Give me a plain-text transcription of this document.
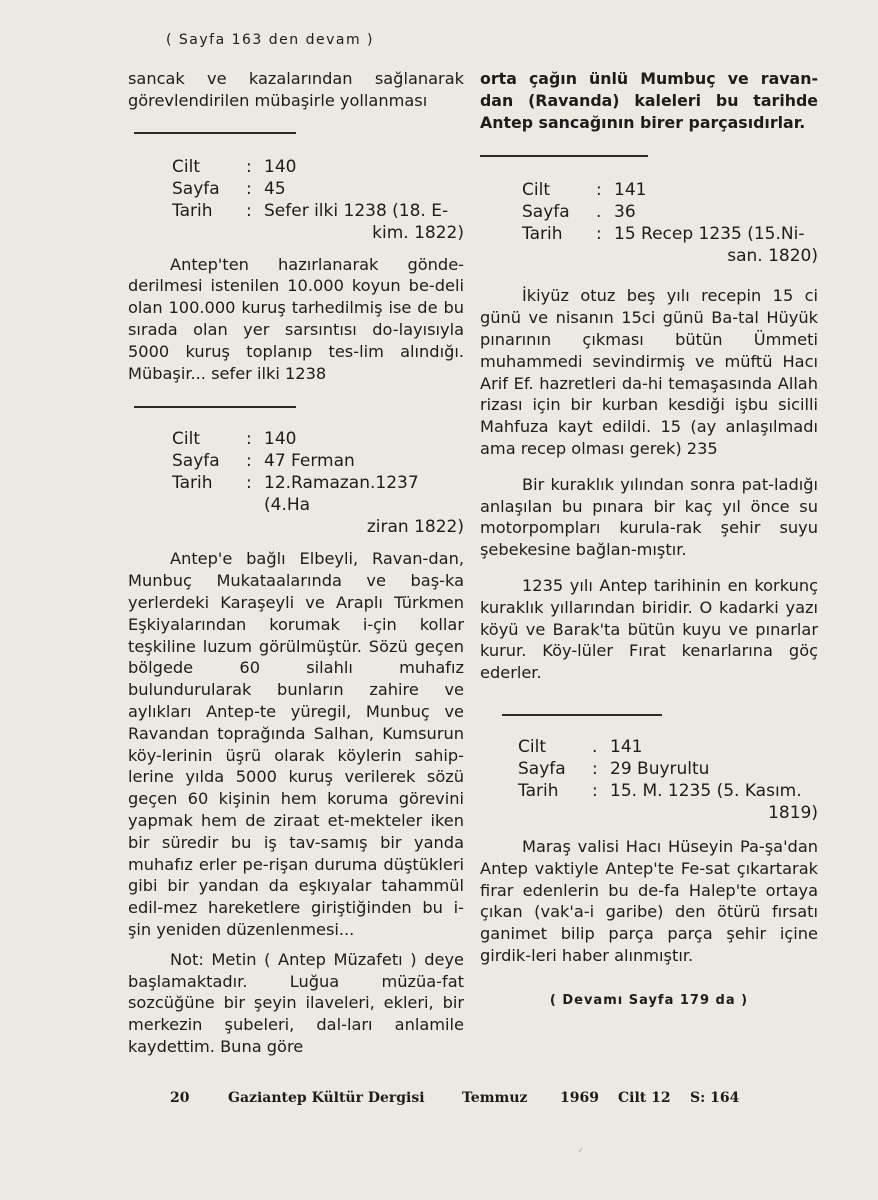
( Sayfa 163 den devam )

sancak ve kazalarından sağlanarak görevlendirilen mübaşirle yollanması

Cilt	: 140
Sayfa	: 45
Tarih	: Sefer ilki 1238 (18. E-
kim. 1822)

Antep'ten hazırlanarak gönde-derilmesi istenilen 10.000 koyun be-deli olan 100.000 kuruş tarhedilmiş ise de bu sırada olan yer sarsıntısı do-layısıyla 5000 kuruş toplanıp tes-lim alındığı. Mübaşir... sefer ilki 1238

Cilt	: 140
Sayfa	: 47 Ferman
Tarih	: 12.Ramazan.1237 (4.Ha
ziran 1822)

Antep'e bağlı Elbeyli, Ravan-dan, Munbuç Mukataalarında ve baş-ka yerlerdeki Karaşeyli ve Araplı Türkmen Eşkiyalarından korumak i-çin kollar teşkiline luzum görülmüştür. Sözü geçen bölgede 60 silahlı muhafız bulundurularak bunların zahire ve aylıkları Antep-te yüregil, Munbuç ve Ravandan toprağında Salhan, Kumsurun köy-lerinin üşrü olarak köylerin sahip-lerine yılda 5000 kuruş verilerek sözü geçen 60 kişinin hem koruma görevini yapmak hem de ziraat et-mekteler iken bir süredir bu iş tav-samış bir yanda muhafız erler pe-rişan duruma düştükleri gibi bir yandan da eşkıyalar tahammül edil-mez hareketlere giriştiğinden bu i-şin yeniden düzenlenmesi...

Not: Metin ( Antep Müzafetı ) deye başlamaktadır. Luğua müzüa-fat sozcüğüne bir şeyin ilaveleri, ekleri, bir merkezin şubeleri, dal-ları anlamile kaydettim. Buna göre

orta çağın ünlü Mumbuç ve ravan-dan (Ravanda) kaleleri bu tarihde Antep sancağının birer parçasıdırlar.

Cilt	: 141
Sayfa	. 36
Tarih	: 15 Recep 1235 (15.Ni-
san. 1820)

İkiyüz otuz beş yılı recepin 15 ci günü ve nisanın 15ci günü Ba-tal Hüyük pınarının çıkması bütün Ümmeti muhammedi sevindirmiş ve müftü Hacı Arif Ef. hazretleri da-hi temaşasında Allah rizası için bir kurban kesdiği işbu sicilli Mahfuza kayt edildi. 15 (ay anlaşılmadı ama recep olması gerek) 235

Bir kuraklık yılından sonra pat-ladığı anlaşılan bu pınara bir kaç yıl önce su motorpompları kurula-rak şehir suyu şebekesine bağlan-mıştır.

1235 yılı Antep tarihinin en korkunç kuraklık yıllarından biridir. O kadarki yazı köyü ve Barak'ta bütün kuyu ve pınarlar kurur. Köy-lüler Fırat kenarlarına göç ederler.

Cilt	. 141
Sayfa	: 29 Buyrultu
Tarih	: 15. M. 1235 (5. Kasım.
1819)

Maraş valisi Hacı Hüseyin Pa-şa'dan Antep vaktiyle Antep'te Fe-sat çıkartarak firar edenlerin bu de-fa Halep'te ortaya çıkan (vak'a-i garibe) den ötürü fırsatı ganimet bilip parça parça şehir içine girdik-leri haber alınmıştır.

( Devamı Sayfa 179 da )
20	Gaziantep Kültür Dergisi	Temmuz 1969 Cilt 12 S: 164
⸝
